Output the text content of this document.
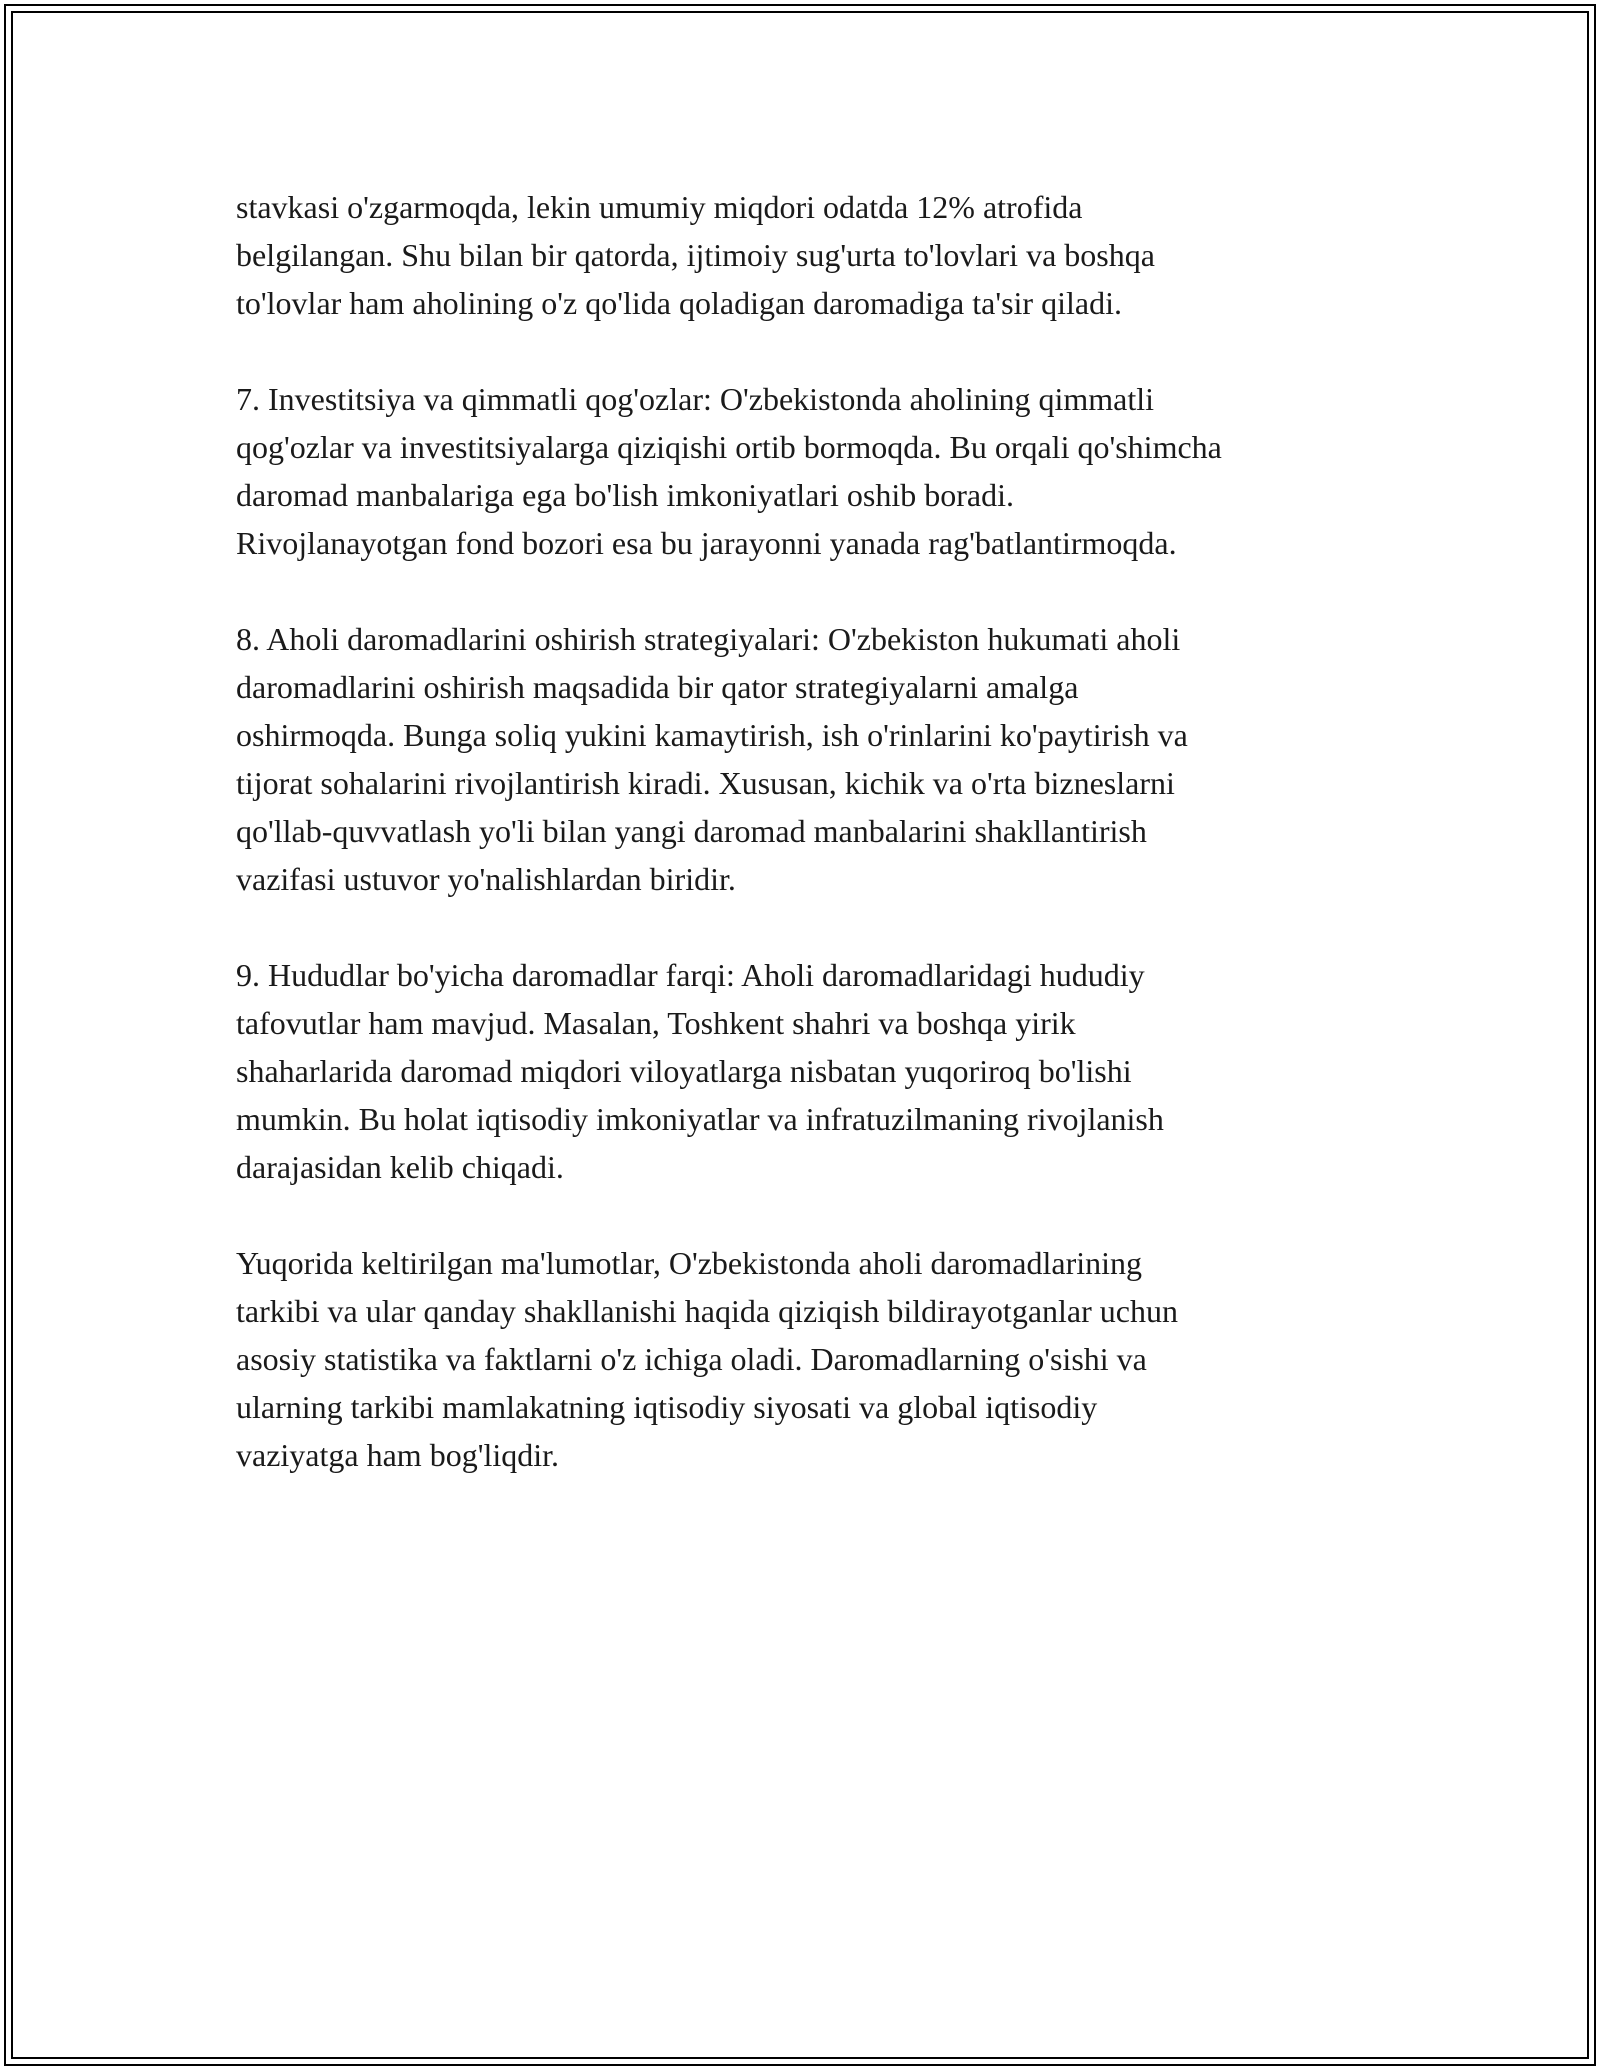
stavkasi o'zgarmoqda, lekin umumiy miqdori odatda 12% atrofida
belgilangan. Shu bilan bir qatorda, ijtimoiy sug'urta to'lovlari va boshqa
to'lovlar ham aholining o'z qo'lida qoladigan daromadiga ta'sir qiladi.

7. Investitsiya va qimmatli qog'ozlar: O'zbekistonda aholining qimmatli
qog'ozlar va investitsiyalarga qiziqishi ortib bormoqda. Bu orqali qo'shimcha
daromad manbalariga ega bo'lish imkoniyatlari oshib boradi.
Rivojlanayotgan fond bozori esa bu jarayonni yanada rag'batlantirmoqda.

8. Aholi daromadlarini oshirish strategiyalari: O'zbekiston hukumati aholi
daromadlarini oshirish maqsadida bir qator strategiyalarni amalga
oshirmoqda. Bunga soliq yukini kamaytirish, ish o'rinlarini ko'paytirish va
tijorat sohalarini rivojlantirish kiradi. Xususan, kichik va o'rta bizneslarni
qo'llab-quvvatlash yo'li bilan yangi daromad manbalarini shakllantirish
vazifasi ustuvor yo'nalishlardan biridir.

9. Hududlar bo'yicha daromadlar farqi: Aholi daromadlaridagi hududiy
tafovutlar ham mavjud. Masalan, Toshkent shahri va boshqa yirik
shaharlarida daromad miqdori viloyatlarga nisbatan yuqoriroq bo'lishi
mumkin. Bu holat iqtisodiy imkoniyatlar va infratuzilmaning rivojlanish
darajasidan kelib chiqadi.

Yuqorida keltirilgan ma'lumotlar, O'zbekistonda aholi daromadlarining
tarkibi va ular qanday shakllanishi haqida qiziqish bildirayotganlar uchun
asosiy statistika va faktlarni o'z ichiga oladi. Daromadlarning o'sishi va
ularning tarkibi mamlakatning iqtisodiy siyosati va global iqtisodiy
vaziyatga ham bog'liqdir.
